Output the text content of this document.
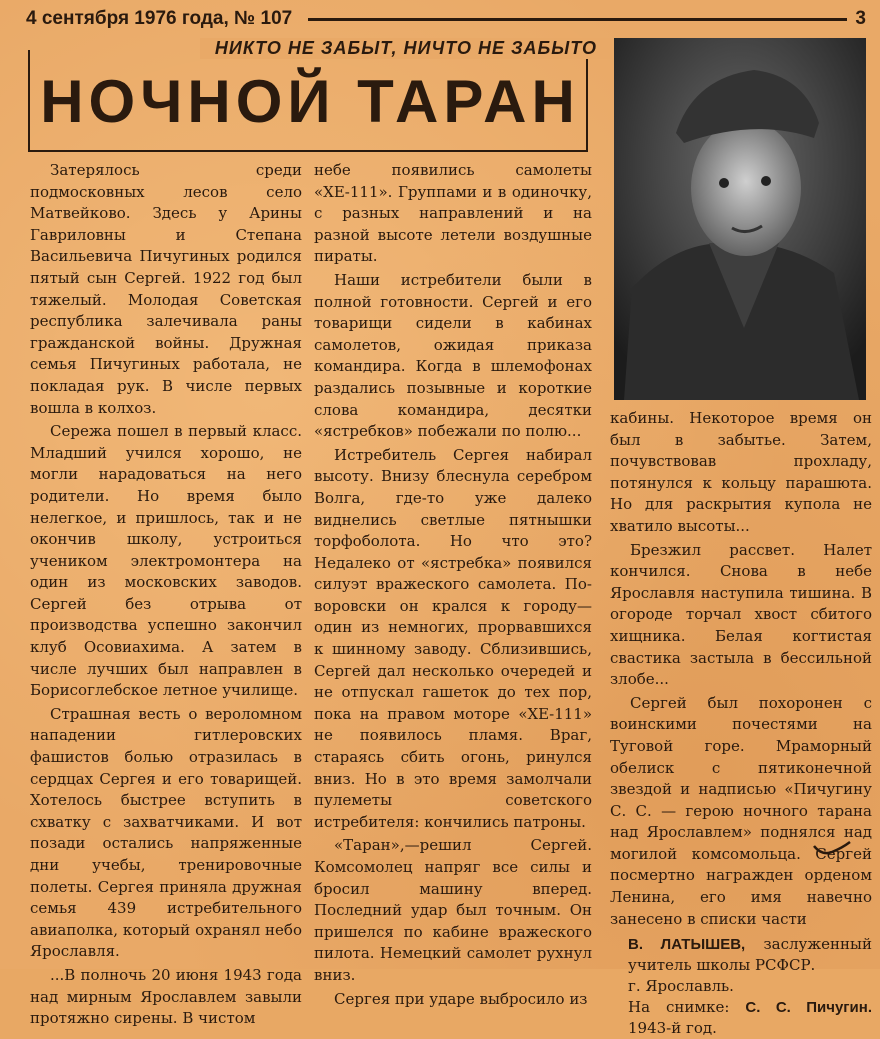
4 сентября 1976 года, № 107	3
НИКТО НЕ ЗАБЫТ, НИЧТО НЕ ЗАБЫТО
НОЧНОЙ ТАРАН

Затерялось среди подмосковных лесов село Матвейково. Здесь у Арины Гавриловны и Степана Васильевича Пичугиных родился пятый сын Сергей. 1922 год был тяжелый. Молодая Советская республика залечивала раны гражданской войны. Дружная семья Пичугиных работала, не покладая рук. В числе первых вошла в колхоз.

Сережа пошел в первый класс. Младший учился хорошо, не могли нарадоваться на него родители. Но время было нелегкое, и пришлось, так и не окончив школу, устроиться учеником электромонтера на один из московских заводов. Сергей без отрыва от производства успешно закончил клуб Осовиахима. А затем в числе лучших был направлен в Борисоглебское летное училище.

Страшная весть о вероломном нападении гитлеровских фашистов болью отразилась в сердцах Сергея и его товарищей. Хотелось быстрее вступить в схватку с захватчиками. И вот позади остались напряженные дни учебы, тренировочные полеты. Сергея приняла дружная семья 439 истребительного авиаполка, который охранял небо Ярославля.

...В полночь 20 июня 1943 года над мирным Ярославлем завыли протяжно сирены. В чистом

небе появились самолеты «ХЕ-111». Группами и в одиночку, с разных направлений и на разной высоте летели воздушные пираты.

Наши истребители были в полной готовности. Сергей и его товарищи сидели в кабинах самолетов, ожидая приказа командира. Когда в шлемофонах раздались позывные и короткие слова командира, десятки «ястребков» побежали по полю...

Истребитель Сергея набирал высоту. Внизу блеснула серебром Волга, где-то уже далеко виднелись светлые пятнышки торфоболота. Но что это? Недалеко от «ястребка» появился силуэт вражеского самолета. По-воровски он крался к городу—один из немногих, прорвавшихся к шинному заводу. Сблизившись, Сергей дал несколько очередей и не отпускал гашеток до тех пор, пока на правом моторе «ХЕ-111» не появилось пламя. Враг, стараясь сбить огонь, ринулся вниз. Но в это время замолчали пулеметы советского истребителя: кончились патроны.

«Таран»,—решил Сергей. Комсомолец напряг все силы и бросил машину вперед. Последний удар был точным. Он пришелся по кабине вражеского пилота. Немецкий самолет рухнул вниз.

Сергея при ударе выбросило из

кабины. Некоторое время он был в забытье. Затем, почувствовав прохладу, потянулся к кольцу парашюта. Но для раскрытия купола не хватило высоты...

Брезжил рассвет. Налет кончился. Снова в небе Ярославля наступила тишина. В огороде торчал хвост сбитого хищника. Белая когтистая свастика застыла в бессильной злобе...

Сергей был похоронен с воинскими почестями на Туговой горе. Мраморный обелиск с пятиконечной звездой и надписью «Пичугину С. С. — герою ночного тарана над Ярославлем» поднялся над могилой комсомольца. Сергей посмертно награжден орденом Ленина, его имя навечно занесено в списки части

В. ЛАТЫШЕВ, заслуженный учитель школы РСФСР.
г. Ярославль.
На снимке: С. С. Пичугин. 1943-й год.
